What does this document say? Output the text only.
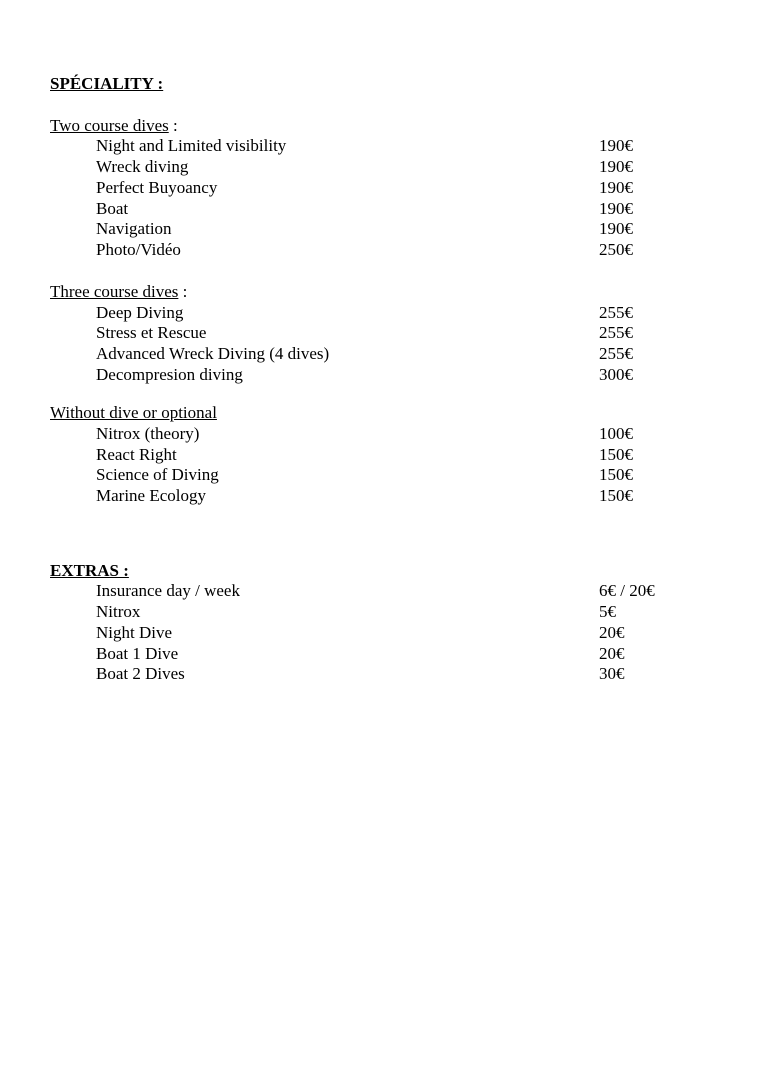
SPÉCIALITY :
Two course dives :
Night and Limited visibility	190€
Wreck diving	190€
Perfect Buyoancy	190€
Boat	190€
Navigation	190€
Photo/Vidéo	250€
Three course dives :
Deep Diving	255€
Stress et Rescue	255€
Advanced Wreck Diving (4 dives)	255€
Decompresion diving	300€
Without dive or optional
Nitrox (theory)	100€
React Right	150€
Science of Diving	150€
Marine Ecology	150€
EXTRAS :
Insurance day / week	6€ / 20€
Nitrox	5€
Night Dive	20€
Boat 1 Dive	20€
Boat 2 Dives	30€
